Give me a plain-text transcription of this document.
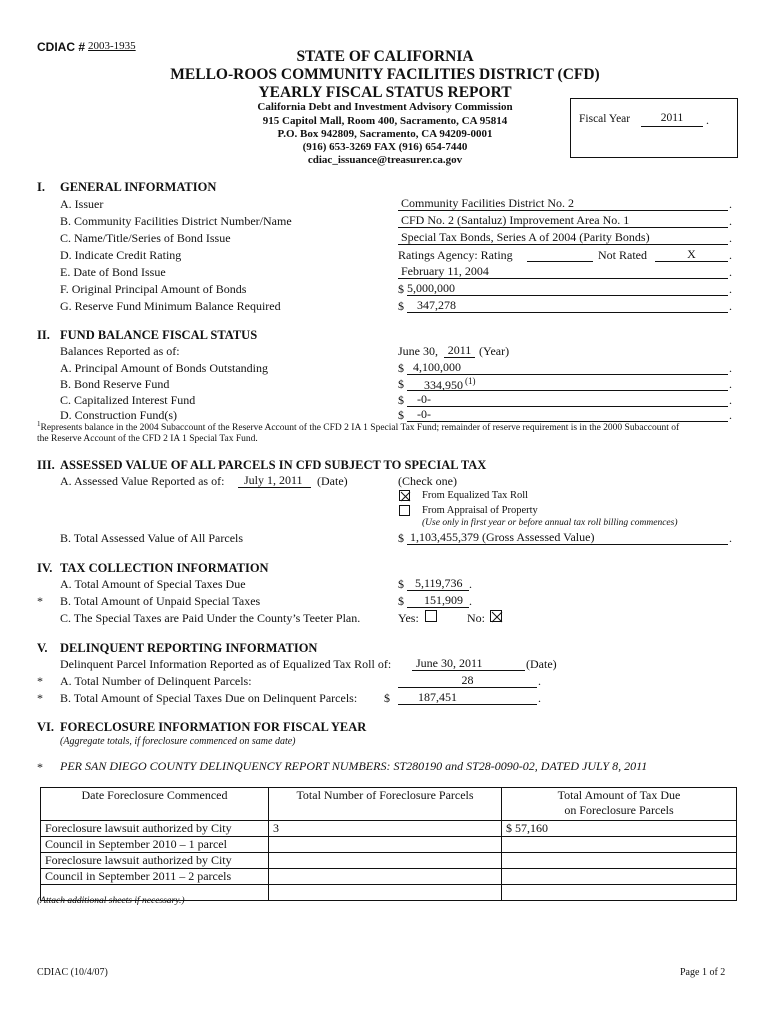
CDIAC # 2003-1935
STATE OF CALIFORNIA
MELLO-ROOS COMMUNITY FACILITIES DISTRICT (CFD)
YEARLY FISCAL STATUS REPORT
California Debt and Investment Advisory Commission
915 Capitol Mall, Room 400, Sacramento, CA 95814
P.O. Box 942809, Sacramento, CA 94209-0001
(916) 653-3269 FAX (916) 654-7440
cdiac_issuance@treasurer.ca.gov
Fiscal Year	2011	.
I. GENERAL INFORMATION
A. Issuer	Community Facilities District No. 2	.
B. Community Facilities District Number/Name	CFD No. 2 (Santaluz) Improvement Area No. 1	.
C. Name/Title/Series of Bond Issue	Special Tax Bonds, Series A of 2004 (Parity Bonds)	.
D. Indicate Credit Rating	Ratings Agency: Rating	Not Rated	X	.
E. Date of Bond Issue	February 11, 2004	.
F. Original Principal Amount of Bonds	$ 5,000,000	.
G. Reserve Fund Minimum Balance Required	$	347,278	.
II. FUND BALANCE FISCAL STATUS
Balances Reported as of:	June 30, 2011 (Year)
A. Principal Amount of Bonds Outstanding	$ 4,100,000	.
B. Bond Reserve Fund	$	334,950 $^{(1)}$	.
C. Capitalized Interest Fund	$	-0-	.
D. Construction Fund(s)	$	-0-	.
$^1$Represents balance in the 2004 Subaccount of the Reserve Account of the CFD 2 IA 1 Special Tax Fund; remainder of reserve requirement is in the 2000 Subaccount of
the Reserve Account of the CFD 2 IA 1 Special Tax Fund.
III. ASSESSED VALUE OF ALL PARCELS IN CFD SUBJECT TO SPECIAL TAX
A. Assessed Value Reported as of:	July 1, 2011	(Date)	(Check one)
From Equalized Tax Roll
From Appraisal of Property
(Use only in first year or before annual tax roll billing commences)
B. Total Assessed Value of All Parcels	$ 1,103,455,379 (Gross Assessed Value)	.
IV. TAX COLLECTION INFORMATION
A. Total Amount of Special Taxes Due	$ 5,119,736 .
* B. Total Amount of Unpaid Special Taxes	$	151,909 .
C. The Special Taxes are Paid Under the County’s Teeter Plan.	Yes:	No:
V. DELINQUENT REPORTING INFORMATION
Delinquent Parcel Information Reported as of Equalized Tax Roll of:	June 30, 2011	(Date)
* A. Total Number of Delinquent Parcels:	28	.
* B. Total Amount of Special Taxes Due on Delinquent Parcels: $	187,451	.
VI. FORECLOSURE INFORMATION FOR FISCAL YEAR
(Aggregate totals, if foreclosure commenced on same date)
* PER SAN DIEGO COUNTY DELINQUENCY REPORT NUMBERS: ST280190 and ST28-0090-02, DATED JULY 8, 2011
Date Foreclosure Commenced	Total Number of Foreclosure Parcels	Total Amount of Tax Due
on Foreclosure Parcels
Foreclosure lawsuit authorized by City	3	$ 57,160
Council in September 2010 – 1 parcel		
Foreclosure lawsuit authorized by City		
Council in September 2011 – 2 parcels		

(Attach additional sheets if necessary.)
CDIAC (10/4/07)	Page 1 of 2
